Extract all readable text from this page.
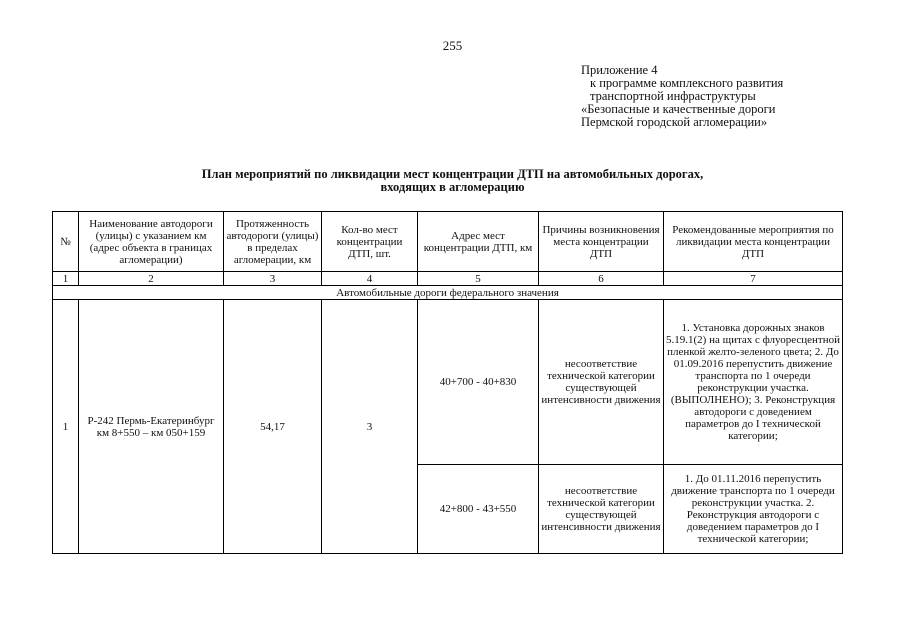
255
Приложение 4
к программе комплексного развития
транспортной инфраструктуры
«Безопасные и качественные дороги
Пермской городской агломерации»
План мероприятий по ликвидации мест концентрации ДТП на автомобильных дорогах,
входящих в агломерацию
№	Наименование автодороги (улицы) с указанием км (адрес объекта в границах агломерации)	Протяженность автодороги (улицы) в пределах агломерации, км	Кол-во мест концентрации ДТП, шт.	Адрес мест концентрации ДТП, км	Причины возникновения места концентрации ДТП	Рекомендованные мероприятия по ликвидации места концентрации ДТП
1	2	3	4	5	6	7
Автомобильные дороги федерального значения						
1	Р-242 Пермь-Екатеринбург км 8+550 – км 050+159	54,17	3	40+700 - 40+830	несоответствие технической категории существующей интенсивности движения	1. Установка дорожных знаков 5.19.1(2) на щитах с флуоресцентной пленкой желто-зеленого цвета; 2. До 01.09.2016 перепустить движение транспорта по 1 очереди реконструкции участка. (ВЫПОЛНЕНО); 3. Реконструкция автодороги с доведением параметров до I технической категории;
				42+800 - 43+550	несоответствие технической категории существующей интенсивности движения	1. До 01.11.2016 перепустить движение транспорта по 1 очереди реконструкции участка. 2. Реконструкция автодороги с доведением параметров до I технической категории;
